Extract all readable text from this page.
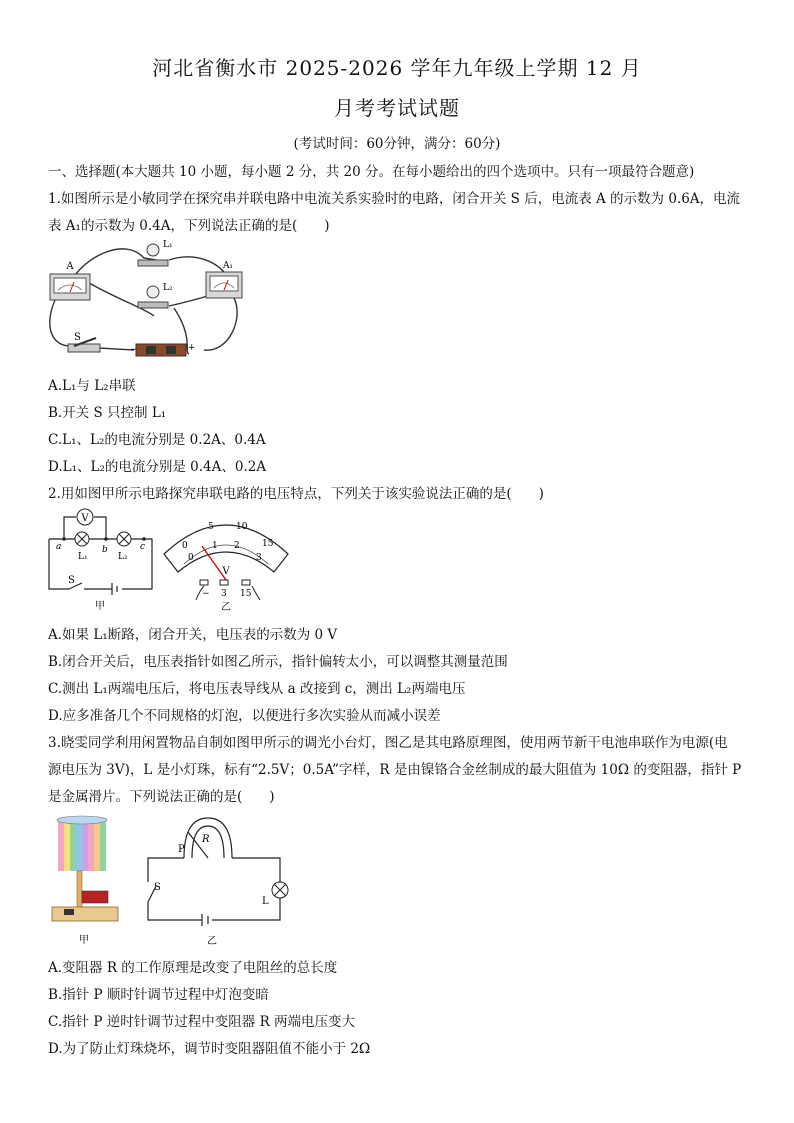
河北省衡水市 2025-2026 学年九年级上学期 12 月
月考考试试题
(考试时间：60分钟，满分：60分)
一、选择题(本大题共 10 小题，每小题 2 分，共 20 分。在每小题给出的四个选项中。只有一项最符合题意)
1.如图所示是小敏同学在探究串并联电路中电流关系实验时的电路，闭合开关 S 后，电流表 A 的示数为 0.6A，电流
表 A₁的示数为 0.4A，下列说法正确的是(　　)
A
L₁
L₂
A₁
S
−	+
A.L₁与 L₂串联
B.开关 S 只控制 L₁
C.L₁、L₂的电流分别是 0.2A、0.4A
D.L₁、L₂的电流分别是 0.4A、0.2A
2.用如图甲所示电路探究串联电路的电压特点，下列关于该实验说法正确的是(　　)
V
a	b	c
L₁	L₂
S
甲
0
5 10
15
0
1 2
3
V
− 3 15
乙
A.如果 L₁断路，闭合开关，电压表的示数为 0 V
B.闭合开关后，电压表指针如图乙所示，指针偏转太小，可以调整其测量范围
C.测出 L₁两端电压后，将电压表导线从 a 改接到 c，测出 L₂两端电压
D.应多准备几个不同规格的灯泡，以便进行多次实验从而减小误差
3.晓雯同学利用闲置物品自制如图甲所示的调光小台灯，图乙是其电路原理图，使用两节新干电池串联作为电源(电
源电压为 3V)，L 是小灯珠，标有“2.5V；0.5A”字样，R 是由镍铬合金丝制成的最大阻值为 10Ω 的变阻器，指针 P
是金属滑片。下列说法正确的是(　　)
甲
P
R
S
L
乙
A.变阻器 R 的工作原理是改变了电阻丝的总长度
B.指针 P 顺时针调节过程中灯泡变暗
C.指针 P 逆时针调节过程中变阻器 R 两端电压变大
D.为了防止灯珠烧坏，调节时变阻器阻值不能小于 2Ω
